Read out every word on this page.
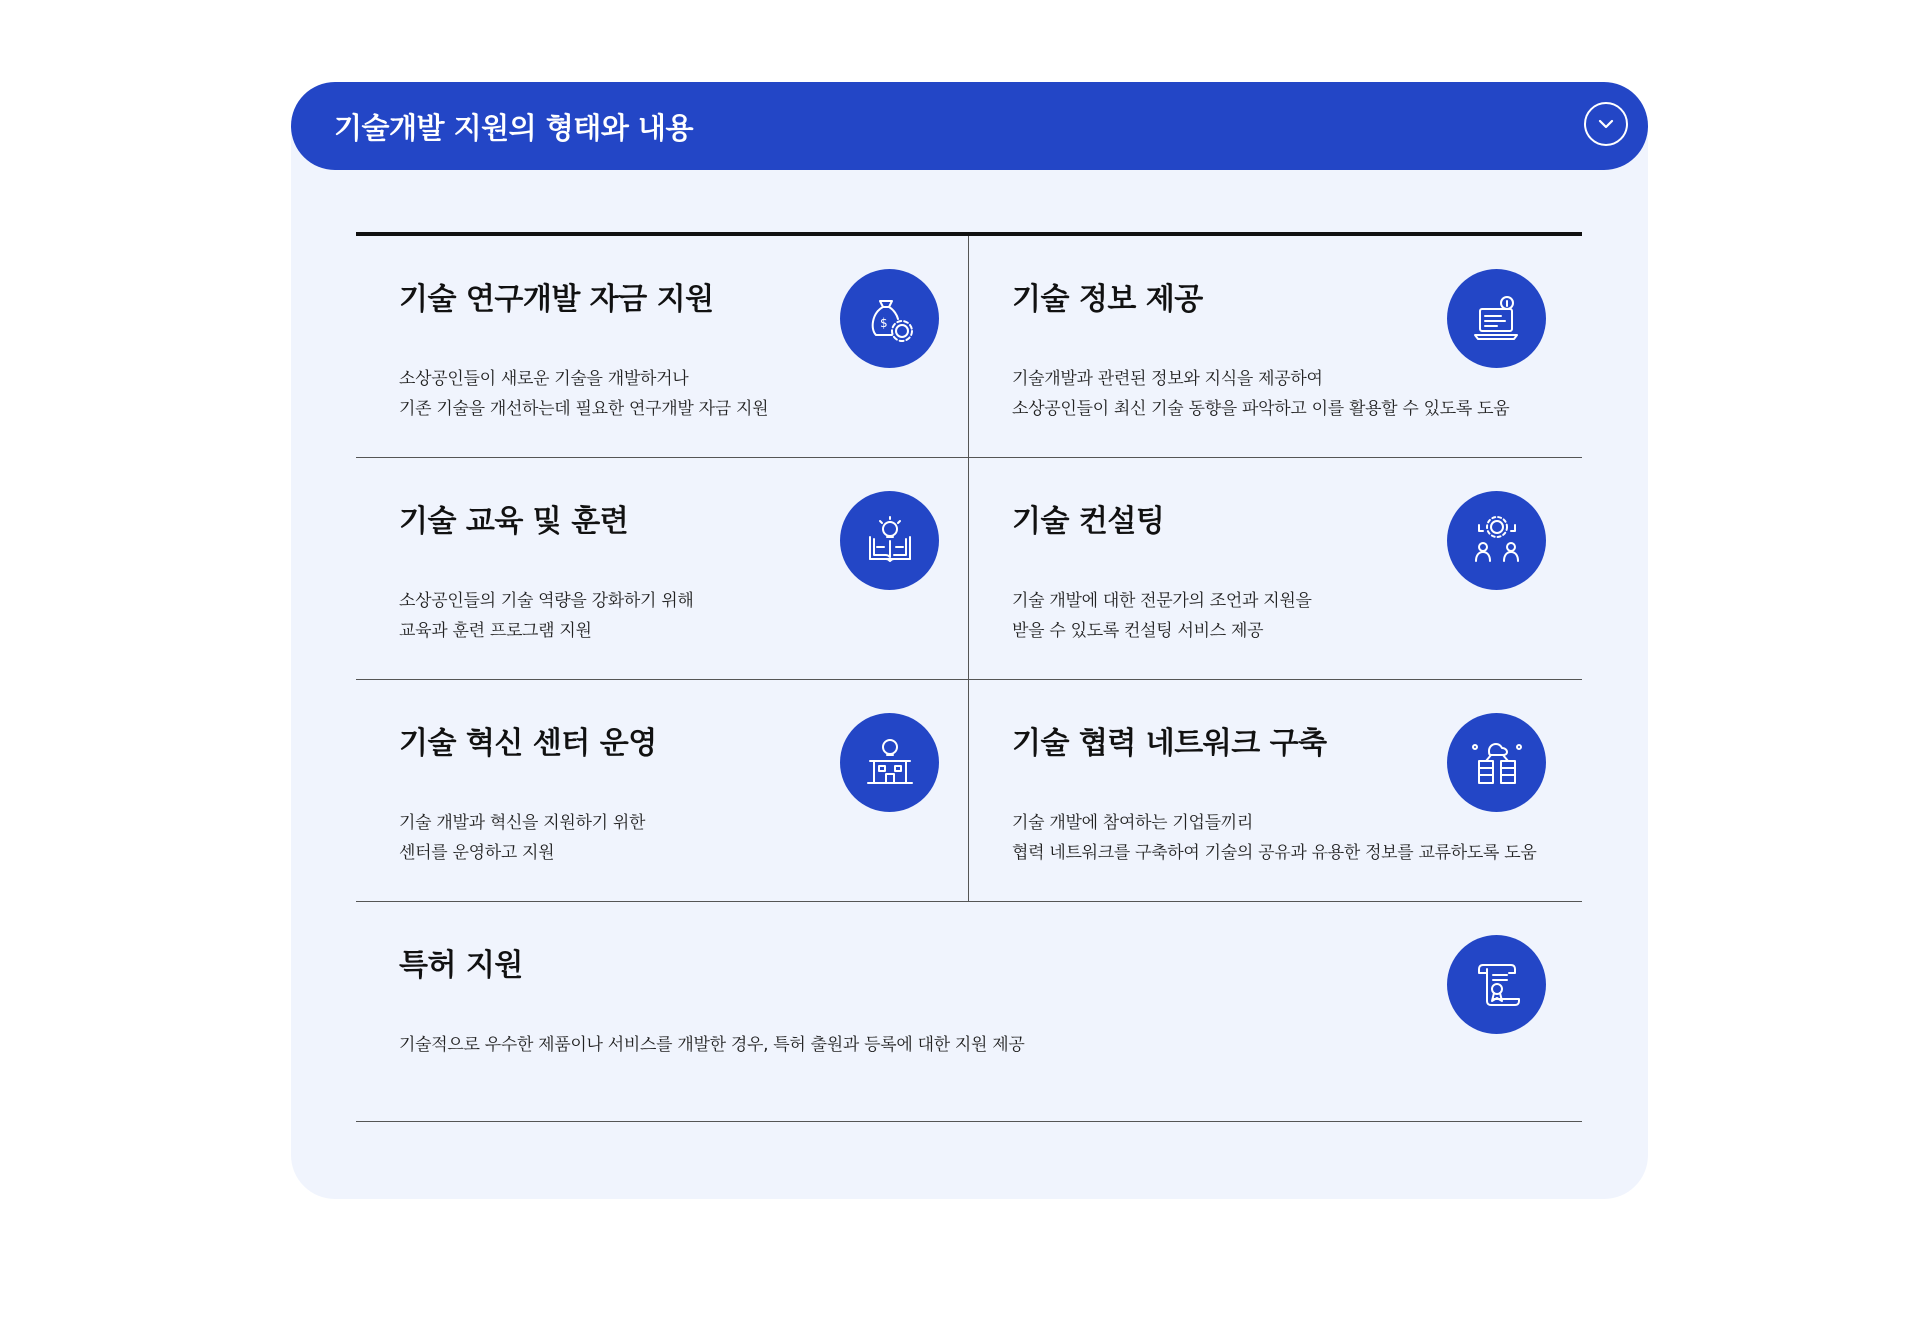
기술개발 지원의 형태와 내용
기술 연구개발 자금 지원
소상공인들이 새로운 기술을 개발하거나
기존 기술을 개선하는데 필요한 연구개발 자금 지원
$
기술 정보 제공
기술개발과 관련된 정보와 지식을 제공하여
소상공인들이 최신 기술 동향을 파악하고 이를 활용할 수 있도록 도움
기술 교육 및 훈련
소상공인들의 기술 역량을 강화하기 위해
교육과 훈련 프로그램 지원
기술 컨설팅
기술 개발에 대한 전문가의 조언과 지원을
받을 수 있도록 컨설팅 서비스 제공
기술 혁신 센터 운영
기술 개발과 혁신을 지원하기 위한
센터를 운영하고 지원
기술 협력 네트워크 구축
기술 개발에 참여하는 기업들끼리
협력 네트워크를 구축하여 기술의 공유과 유용한 정보를 교류하도록 도움
특허 지원
기술적으로 우수한 제품이나 서비스를 개발한 경우, 특허 출원과 등록에 대한 지원 제공
